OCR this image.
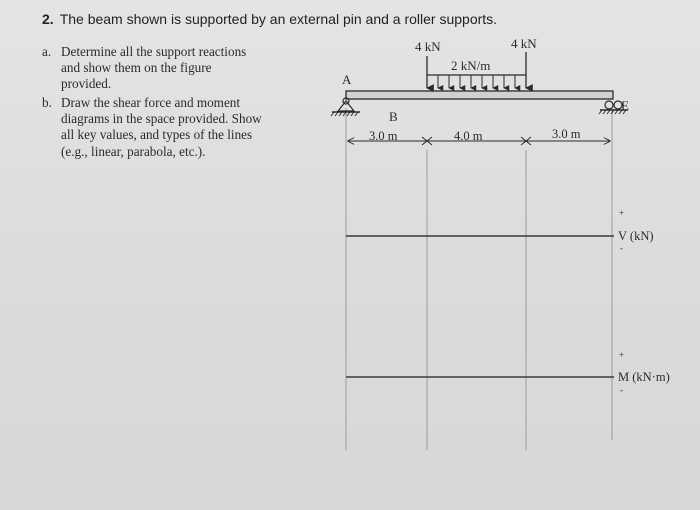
2. The beam shown is supported by an external pin and a roller supports.
a. Determine all the support reactions
and show them on the figure
provided.
b. Draw the shear force and moment
diagrams in the space provided. Show
all key values, and types of the lines
(e.g., linear, parabola, etc.).
A
B
E
4 kN
2 kN/m
4 kN
3.0 m	4.0 m	3.0 m
+
V (kN)
-
+
M (kN·m)
-
